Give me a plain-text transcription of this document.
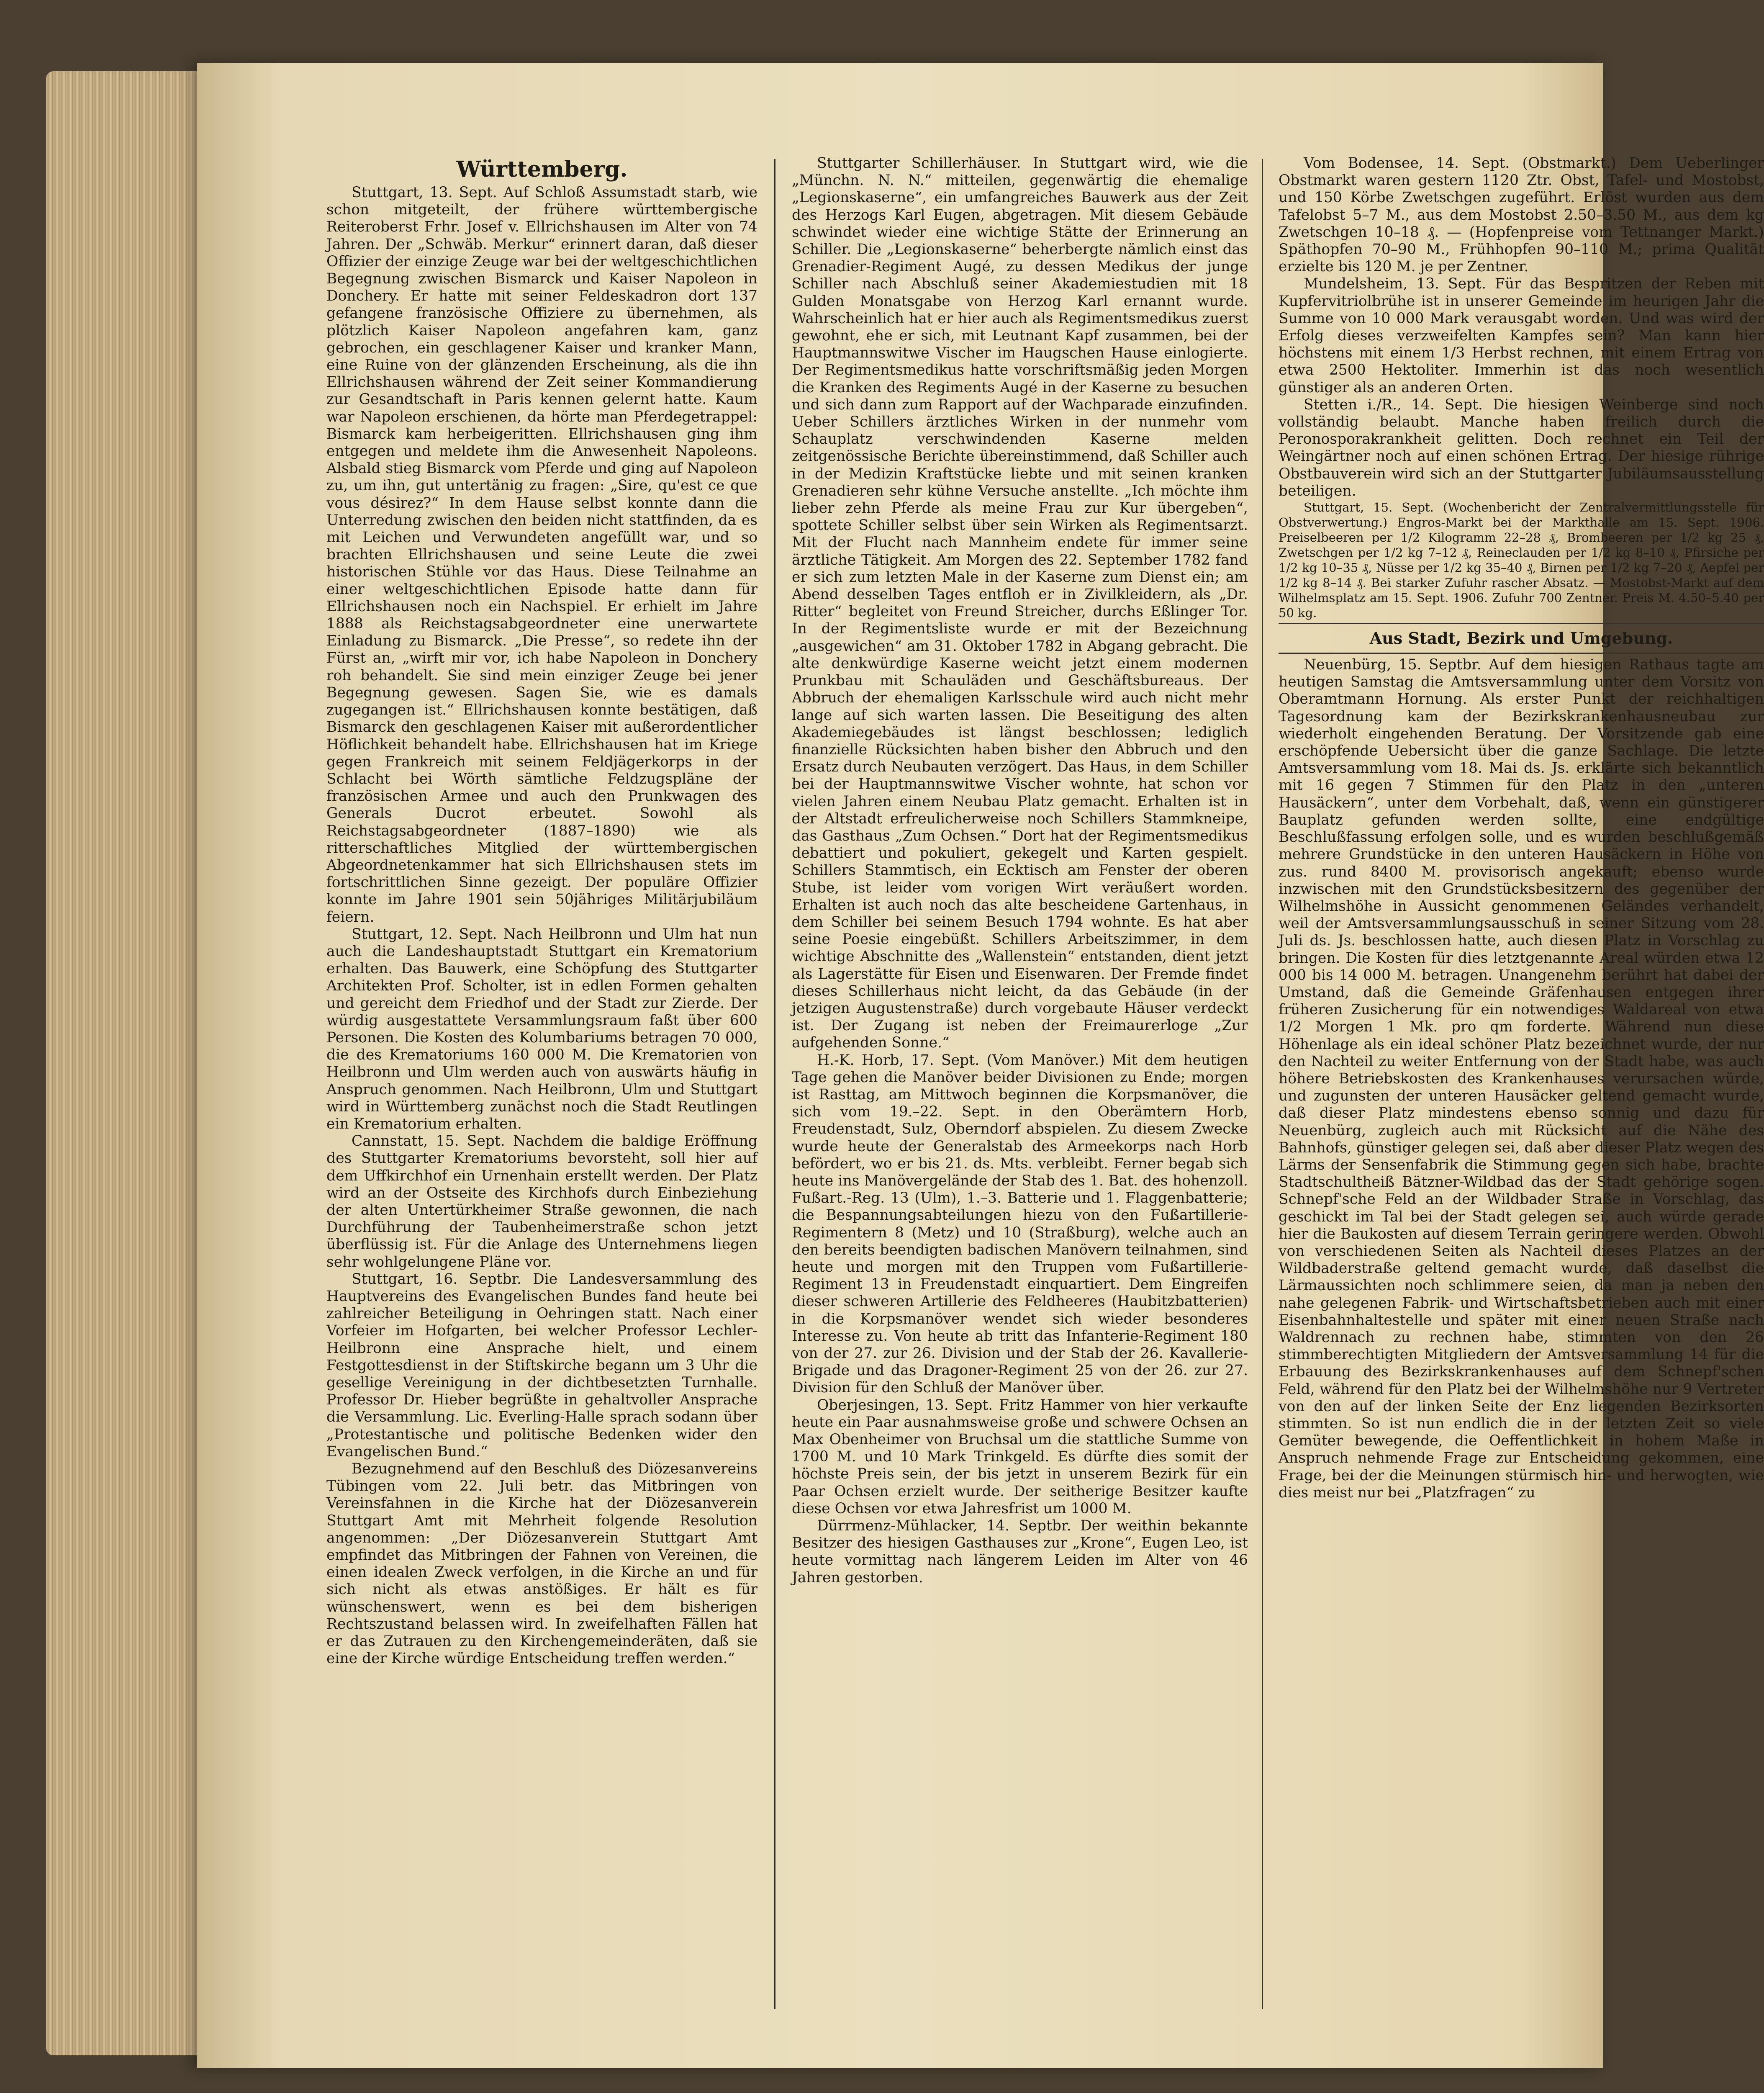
Württemberg.

Stuttgart, 13. Sept. Auf Schloß Assumstadt starb, wie schon mitgeteilt, der frühere württembergische Reiteroberst Frhr. Josef v. Ellrichshausen im Alter von 74 Jahren. Der „Schwäb. Merkur“ erinnert daran, daß dieser Offizier der einzige Zeuge war bei der weltgeschichtlichen Begegnung zwischen Bismarck und Kaiser Napoleon in Donchery. Er hatte mit seiner Feldeskadron dort 137 gefangene französische Offiziere zu übernehmen, als plötzlich Kaiser Napoleon angefahren kam, ganz gebrochen, ein geschlagener Kaiser und kranker Mann, eine Ruine von der glänzenden Erscheinung, als die ihn Ellrichshausen während der Zeit seiner Kommandierung zur Gesandtschaft in Paris kennen gelernt hatte. Kaum war Napoleon erschienen, da hörte man Pferdegetrappel: Bismarck kam herbeigeritten. Ellrichshausen ging ihm entgegen und meldete ihm die Anwesenheit Napoleons. Alsbald stieg Bismarck vom Pferde und ging auf Napoleon zu, um ihn, gut untertänig zu fragen: „Sire, qu'est ce que vous désirez?“ In dem Hause selbst konnte dann die Unterredung zwischen den beiden nicht stattfinden, da es mit Leichen und Verwundeten angefüllt war, und so brachten Ellrichshausen und seine Leute die zwei historischen Stühle vor das Haus. Diese Teilnahme an einer weltgeschichtlichen Episode hatte dann für Ellrichshausen noch ein Nachspiel. Er erhielt im Jahre 1888 als Reichstagsabgeordneter eine unerwartete Einladung zu Bismarck. „Die Presse“, so redete ihn der Fürst an, „wirft mir vor, ich habe Napoleon in Donchery roh behandelt. Sie sind mein einziger Zeuge bei jener Begegnung gewesen. Sagen Sie, wie es damals zugegangen ist.“ Ellrichshausen konnte bestätigen, daß Bismarck den geschlagenen Kaiser mit außerordentlicher Höflichkeit behandelt habe. Ellrichshausen hat im Kriege gegen Frankreich mit seinem Feldjägerkorps in der Schlacht bei Wörth sämtliche Feldzugspläne der französischen Armee und auch den Prunkwagen des Generals Ducrot erbeutet. Sowohl als Reichstagsabgeordneter (1887–1890) wie als ritterschaftliches Mitglied der württembergischen Abgeordnetenkammer hat sich Ellrichshausen stets im fortschrittlichen Sinne gezeigt. Der populäre Offizier konnte im Jahre 1901 sein 50jähriges Militärjubiläum feiern.

Stuttgart, 12. Sept. Nach Heilbronn und Ulm hat nun auch die Landeshauptstadt Stuttgart ein Krematorium erhalten. Das Bauwerk, eine Schöpfung des Stuttgarter Architekten Prof. Scholter, ist in edlen Formen gehalten und gereicht dem Friedhof und der Stadt zur Zierde. Der würdig ausgestattete Versammlungsraum faßt über 600 Personen. Die Kosten des Kolumbariums betragen 70 000, die des Krematoriums 160 000 M. Die Krematorien von Heilbronn und Ulm werden auch von auswärts häufig in Anspruch genommen. Nach Heilbronn, Ulm und Stuttgart wird in Württemberg zunächst noch die Stadt Reutlingen ein Krematorium erhalten.

Cannstatt, 15. Sept. Nachdem die baldige Eröffnung des Stuttgarter Krematoriums bevorsteht, soll hier auf dem Uffkirchhof ein Urnenhain erstellt werden. Der Platz wird an der Ostseite des Kirchhofs durch Einbeziehung der alten Untertürkheimer Straße gewonnen, die nach Durchführung der Taubenheimerstraße schon jetzt überflüssig ist. Für die Anlage des Unternehmens liegen sehr wohlgelungene Pläne vor.

Stuttgart, 16. Septbr. Die Landesversammlung des Hauptvereins des Evangelischen Bundes fand heute bei zahlreicher Beteiligung in Oehringen statt. Nach einer Vorfeier im Hofgarten, bei welcher Professor Lechler-Heilbronn eine Ansprache hielt, und einem Festgottesdienst in der Stiftskirche begann um 3 Uhr die gesellige Vereinigung in der dichtbesetzten Turnhalle. Professor Dr. Hieber begrüßte in gehaltvoller Ansprache die Versammlung. Lic. Everling-Halle sprach sodann über „Protestantische und politische Bedenken wider den Evangelischen Bund.“

Bezugnehmend auf den Beschluß des Diözesanvereins Tübingen vom 22. Juli betr. das Mitbringen von Vereinsfahnen in die Kirche hat der Diözesanverein Stuttgart Amt mit Mehrheit folgende Resolution angenommen: „Der Diözesanverein Stuttgart Amt empfindet das Mitbringen der Fahnen von Vereinen, die einen idealen Zweck verfolgen, in die Kirche an und für sich nicht als etwas anstößiges. Er hält es für wünschenswert, wenn es bei dem bisherigen Rechtszustand belassen wird. In zweifelhaften Fällen hat er das Zutrauen zu den Kirchengemeinderäten, daß sie eine der Kirche würdige Entscheidung treffen werden.“

Stuttgarter Schillerhäuser. In Stuttgart wird, wie die „Münchn. N. N.“ mitteilen, gegenwärtig die ehemalige „Legionskaserne“, ein umfangreiches Bauwerk aus der Zeit des Herzogs Karl Eugen, abgetragen. Mit diesem Gebäude schwindet wieder eine wichtige Stätte der Erinnerung an Schiller. Die „Legionskaserne“ beherbergte nämlich einst das Grenadier-Regiment Augé, zu dessen Medikus der junge Schiller nach Abschluß seiner Akademiestudien mit 18 Gulden Monatsgabe von Herzog Karl ernannt wurde. Wahrscheinlich hat er hier auch als Regimentsmedikus zuerst gewohnt, ehe er sich, mit Leutnant Kapf zusammen, bei der Hauptmannswitwe Vischer im Haugschen Hause einlogierte. Der Regimentsmedikus hatte vorschriftsmäßig jeden Morgen die Kranken des Regiments Augé in der Kaserne zu besuchen und sich dann zum Rapport auf der Wachparade einzufinden. Ueber Schillers ärztliches Wirken in der nunmehr vom Schauplatz verschwindenden Kaserne melden zeitgenössische Berichte übereinstimmend, daß Schiller auch in der Medizin Kraftstücke liebte und mit seinen kranken Grenadieren sehr kühne Versuche anstellte. „Ich möchte ihm lieber zehn Pferde als meine Frau zur Kur übergeben“, spottete Schiller selbst über sein Wirken als Regimentsarzt. Mit der Flucht nach Mannheim endete für immer seine ärztliche Tätigkeit. Am Morgen des 22. September 1782 fand er sich zum letzten Male in der Kaserne zum Dienst ein; am Abend desselben Tages entfloh er in Zivilkleidern, als „Dr. Ritter“ begleitet von Freund Streicher, durchs Eßlinger Tor. In der Regimentsliste wurde er mit der Bezeichnung „ausgewichen“ am 31. Oktober 1782 in Abgang gebracht. Die alte denkwürdige Kaserne weicht jetzt einem modernen Prunkbau mit Schauläden und Geschäftsbureaus. Der Abbruch der ehemaligen Karlsschule wird auch nicht mehr lange auf sich warten lassen. Die Beseitigung des alten Akademiegebäudes ist längst beschlossen; lediglich finanzielle Rücksichten haben bisher den Abbruch und den Ersatz durch Neubauten verzögert. Das Haus, in dem Schiller bei der Hauptmannswitwe Vischer wohnte, hat schon vor vielen Jahren einem Neubau Platz gemacht. Erhalten ist in der Altstadt erfreulicherweise noch Schillers Stammkneipe, das Gasthaus „Zum Ochsen.“ Dort hat der Regimentsmedikus debattiert und pokuliert, gekegelt und Karten gespielt. Schillers Stammtisch, ein Ecktisch am Fenster der oberen Stube, ist leider vom vorigen Wirt veräußert worden. Erhalten ist auch noch das alte bescheidene Gartenhaus, in dem Schiller bei seinem Besuch 1794 wohnte. Es hat aber seine Poesie eingebüßt. Schillers Arbeitszimmer, in dem wichtige Abschnitte des „Wallenstein“ entstanden, dient jetzt als Lagerstätte für Eisen und Eisenwaren. Der Fremde findet dieses Schillerhaus nicht leicht, da das Gebäude (in der jetzigen Augustenstraße) durch vorgebaute Häuser verdeckt ist. Der Zugang ist neben der Freimaurerloge „Zur aufgehenden Sonne.“

H.-K. Horb, 17. Sept. (Vom Manöver.) Mit dem heutigen Tage gehen die Manöver beider Divisionen zu Ende; morgen ist Rasttag, am Mittwoch beginnen die Korpsmanöver, die sich vom 19.–22. Sept. in den Oberämtern Horb, Freudenstadt, Sulz, Oberndorf abspielen. Zu diesem Zwecke wurde heute der Generalstab des Armeekorps nach Horb befördert, wo er bis 21. ds. Mts. verbleibt. Ferner begab sich heute ins Manövergelände der Stab des 1. Bat. des hohenzoll. Fußart.-Reg. 13 (Ulm), 1.–3. Batterie und 1. Flaggenbatterie; die Bespannungsabteilungen hiezu von den Fußartillerie-Regimentern 8 (Metz) und 10 (Straßburg), welche auch an den bereits beendigten badischen Manövern teilnahmen, sind heute und morgen mit den Truppen vom Fußartillerie-Regiment 13 in Freudenstadt einquartiert. Dem Eingreifen dieser schweren Artillerie des Feldheeres (Haubitzbatterien) in die Korpsmanöver wendet sich wieder besonderes Interesse zu. Von heute ab tritt das Infanterie-Regiment 180 von der 27. zur 26. Division und der Stab der 26. Kavallerie-Brigade und das Dragoner-Regiment 25 von der 26. zur 27. Division für den Schluß der Manöver über.

Oberjesingen, 13. Sept. Fritz Hammer von hier verkaufte heute ein Paar ausnahmsweise große und schwere Ochsen an Max Obenheimer von Bruchsal um die stattliche Summe von 1700 M. und 10 Mark Trinkgeld. Es dürfte dies somit der höchste Preis sein, der bis jetzt in unserem Bezirk für ein Paar Ochsen erzielt wurde. Der seitherige Besitzer kaufte diese Ochsen vor etwa Jahresfrist um 1000 M.

Dürrmenz-Mühlacker, 14. Septbr. Der weithin bekannte Besitzer des hiesigen Gasthauses zur „Krone“, Eugen Leo, ist heute vormittag nach längerem Leiden im Alter von 46 Jahren gestorben.

Vom Bodensee, 14. Sept. (Obstmarkt.) Dem Ueberlinger Obstmarkt waren gestern 1120 Ztr. Obst, Tafel- und Mostobst, und 150 Körbe Zwetschgen zugeführt. Erlöst wurden aus dem Tafelobst 5–7 M., aus dem Mostobst 2.50–3.50 M., aus dem kg Zwetschgen 10–18 ₰. — (Hopfenpreise vom Tettnanger Markt.) Späthopfen 70–90 M., Frühhopfen 90–110 M.; prima Qualität erzielte bis 120 M. je per Zentner.

Mundelsheim, 13. Sept. Für das Bespritzen der Reben mit Kupfervitriolbrühe ist in unserer Gemeinde im heurigen Jahr die Summe von 10 000 Mark verausgabt worden. Und was wird der Erfolg dieses verzweifelten Kampfes sein? Man kann hier höchstens mit einem 1/3 Herbst rechnen, mit einem Ertrag von etwa 2500 Hektoliter. Immerhin ist das noch wesentlich günstiger als an anderen Orten.

Stetten i./R., 14. Sept. Die hiesigen Weinberge sind noch vollständig belaubt. Manche haben freilich durch die Peronosporakrankheit gelitten. Doch rechnet ein Teil der Weingärtner noch auf einen schönen Ertrag. Der hiesige rührige Obstbauverein wird sich an der Stuttgarter Jubiläumsausstellung beteiligen.

Stuttgart, 15. Sept. (Wochenbericht der Zentralvermittlungsstelle für Obstverwertung.) Engros-Markt bei der Markthalle am 15. Sept. 1906. Preiselbeeren per 1/2 Kilogramm 22–28 ₰, Brombeeren per 1/2 kg 25 ₰, Zwetschgen per 1/2 kg 7–12 ₰, Reineclauden per 1/2 kg 8–10 ₰, Pfirsiche per 1/2 kg 10–35 ₰, Nüsse per 1/2 kg 35–40 ₰, Birnen per 1/2 kg 7–20 ₰, Aepfel per 1/2 kg 8–14 ₰. Bei starker Zufuhr rascher Absatz. — Mostobst-Markt auf dem Wilhelmsplatz am 15. Sept. 1906. Zufuhr 700 Zentner. Preis M. 4.50–5.40 per 50 kg.

Aus Stadt, Bezirk und Umgebung.

Neuenbürg, 15. Septbr. Auf dem hiesigen Rathaus tagte am heutigen Samstag die Amtsversammlung unter dem Vorsitz von Oberamtmann Hornung. Als erster Punkt der reichhaltigen Tagesordnung kam der Bezirkskrankenhausneubau zur wiederholt eingehenden Beratung. Der Vorsitzende gab eine erschöpfende Uebersicht über die ganze Sachlage. Die letzte Amtsversammlung vom 18. Mai ds. Js. erklärte sich bekanntlich mit 16 gegen 7 Stimmen für den Platz in den „unteren Hausäckern“, unter dem Vorbehalt, daß, wenn ein günstigerer Bauplatz gefunden werden sollte, eine endgültige Beschlußfassung erfolgen solle, und es wurden beschlußgemäß mehrere Grundstücke in den unteren Hausäckern in Höhe von zus. rund 8400 M. provisorisch angekauft; ebenso wurde inzwischen mit den Grundstücksbesitzern des gegenüber der Wilhelmshöhe in Aussicht genommenen Geländes verhandelt, weil der Amtsversammlungsausschuß in seiner Sitzung vom 28. Juli ds. Js. beschlossen hatte, auch diesen Platz in Vorschlag zu bringen. Die Kosten für dies letztgenannte Areal würden etwa 12 000 bis 14 000 M. betragen. Unangenehm berührt hat dabei der Umstand, daß die Gemeinde Gräfenhausen entgegen ihrer früheren Zusicherung für ein notwendiges Waldareal von etwa 1/2 Morgen 1 Mk. pro qm forderte. Während nun diese Höhenlage als ein ideal schöner Platz bezeichnet wurde, der nur den Nachteil zu weiter Entfernung von der Stadt habe, was auch höhere Betriebskosten des Krankenhauses verursachen würde, und zugunsten der unteren Hausäcker geltend gemacht wurde, daß dieser Platz mindestens ebenso sonnig und dazu für Neuenbürg, zugleich auch mit Rücksicht auf die Nähe des Bahnhofs, günstiger gelegen sei, daß aber dieser Platz wegen des Lärms der Sensenfabrik die Stimmung gegen sich habe, brachte Stadtschultheiß Bätzner-Wildbad das der Stadt gehörige sogen. Schnepf'sche Feld an der Wildbader Straße in Vorschlag, das geschickt im Tal bei der Stadt gelegen sei, auch würde gerade hier die Baukosten auf diesem Terrain geringere werden. Obwohl von verschiedenen Seiten als Nachteil dieses Platzes an der Wildbaderstraße geltend gemacht wurde, daß daselbst die Lärmaussichten noch schlimmere seien, da man ja neben den nahe gelegenen Fabrik- und Wirtschaftsbetrieben auch mit einer Eisenbahnhaltestelle und später mit einer neuen Straße nach Waldrennach zu rechnen habe, stimmten von den 26 stimmberechtigten Mitgliedern der Amtsversammlung 14 für die Erbauung des Bezirkskrankenhauses auf dem Schnepf'schen Feld, während für den Platz bei der Wilhelmshöhe nur 9 Vertreter von den auf der linken Seite der Enz liegenden Bezirksorten stimmten. So ist nun endlich die in der letzten Zeit so viele Gemüter bewegende, die Oeffentlichkeit in hohem Maße in Anspruch nehmende Frage zur Entscheidung gekommen, eine Frage, bei der die Meinungen stürmisch hin- und herwogten, wie dies meist nur bei „Platzfragen“ zu
